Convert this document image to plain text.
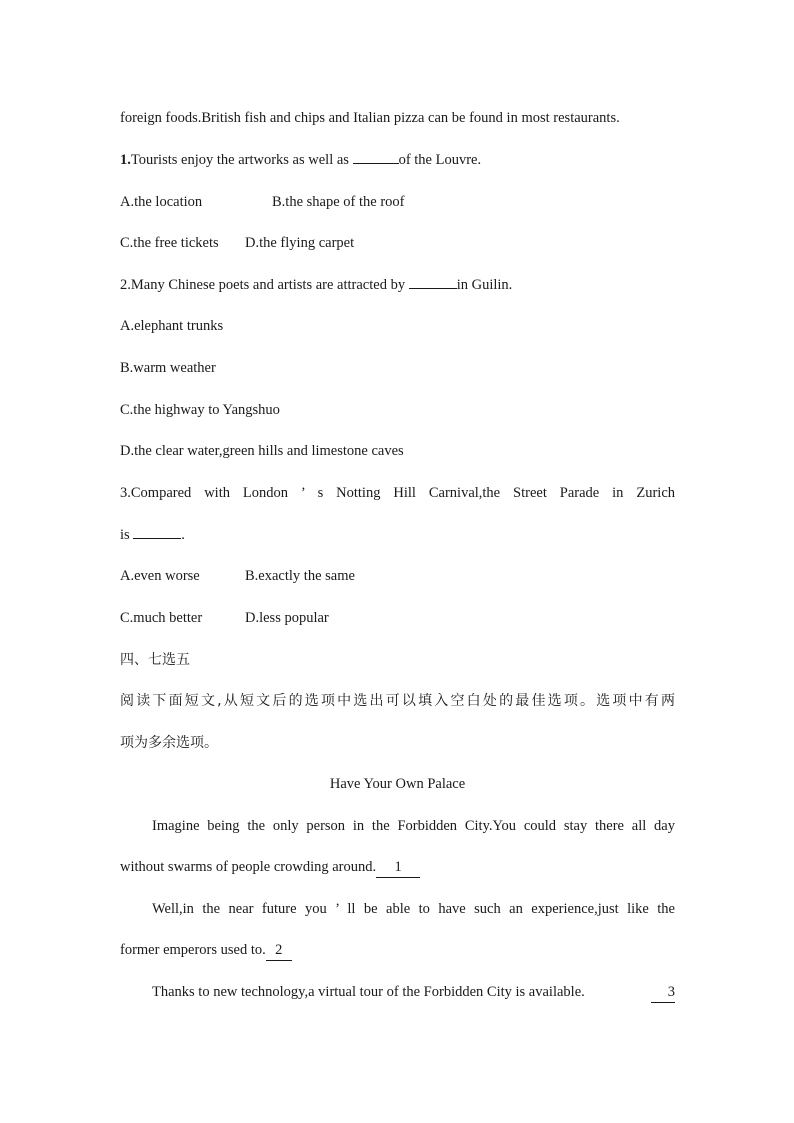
foreign foods.British fish and chips and Italian pizza can be found in most restaurants.
1.Tourists enjoy the artworks as well as	of the Louvre.
A.the location	B.the shape of the roof
C.the free tickets D.the flying carpet
2.Many Chinese poets and artists are attracted by	in Guilin.
A.elephant trunks
B.warm weather
C.the highway to Yangshuo
D.the clear water,green hills and limestone caves
3.Compared with London ’ s Notting Hill Carnival,the Street Parade in Zurich
is	.
A.even worse	B.exactly the same
C.much better	D.less popular
四、七选五
阅读下面短文,从短文后的选项中选出可以填入空白处的最佳选项。选项中有两
项为多余选项。
Have Your Own Palace
Imagine being the only person in the Forbidden City.You could stay there all day
without swarms of people crowding around. 1
Well,in the near future you ’ ll be able to have such an experience,just like the
former emperors used to. 2
Thanks to new technology,a virtual tour of the Forbidden City is available.	3
